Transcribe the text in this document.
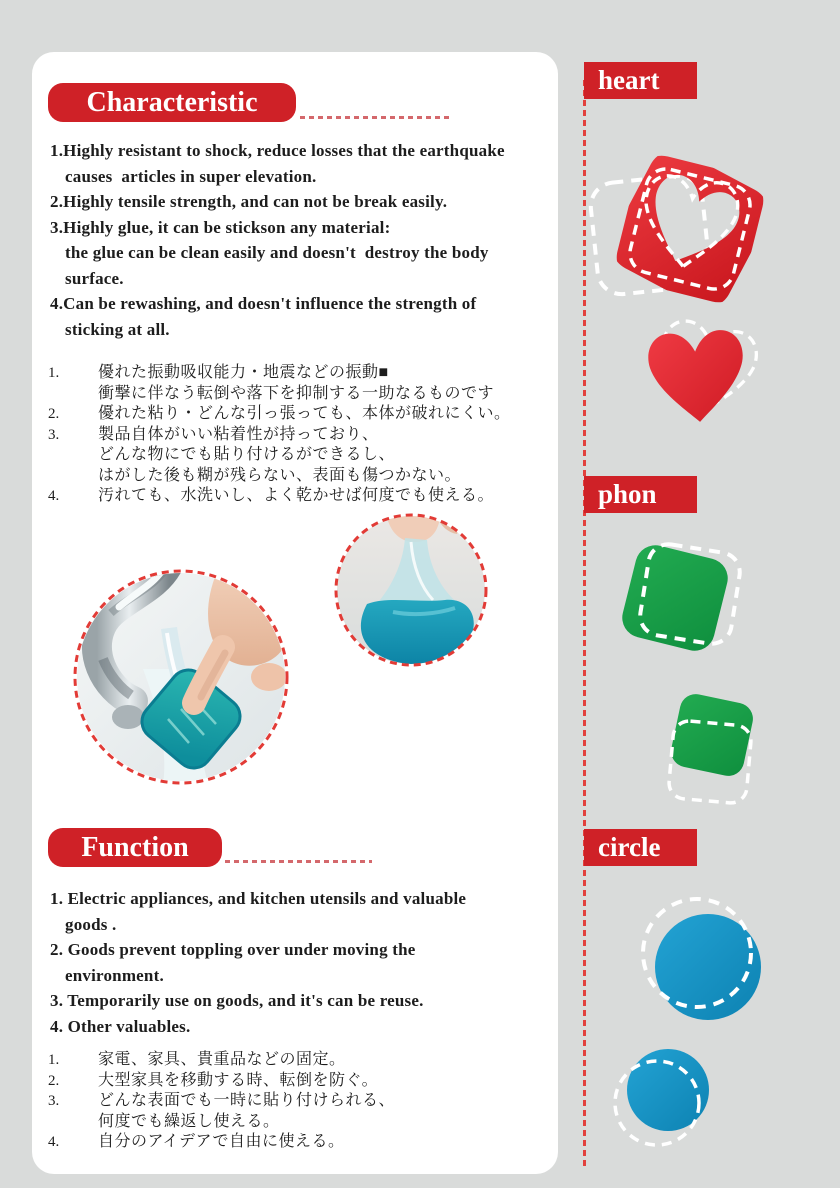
Characteristic
1.Highly resistant to shock, reduce losses that the earthquake
causes  articles in super elevation.
2.Highly tensile strength, and can not be break easily.
3.Highly glue, it can be stickson any material:
the glue can be clean easily and doesn't  destroy the body
surface.
4.Can be rewashing, and doesn't influence the strength of
sticking at all.
1.	優れた振動吸収能力・地震などの振動■
衝撃に伴なう転倒や落下を抑制する一助なるものです
2.	優れた粘り・どんな引っ張っても、本体が破れにくい。
3.	製品自体がいい粘着性が持っており、
どんな物にでも貼り付けるができるし、
はがした後も糊が残らない、表面も傷つかない。
4.	汚れても、水洗いし、よく乾かせば何度でも使える。
Function
1. Electric appliances, and kitchen utensils and valuable
goods .
2. Goods prevent toppling over under moving the
environment.
3. Temporarily use on goods, and it's can be reuse.
4. Other valuables.
1.	家電、家具、貴重品などの固定。
2.	大型家具を移動する時、転倒を防ぐ。
3.	どんな表面でも一時に貼り付けられる、
何度でも繰返し使える。
4.	自分のアイデアで自由に使える。
heart
phon
circle
